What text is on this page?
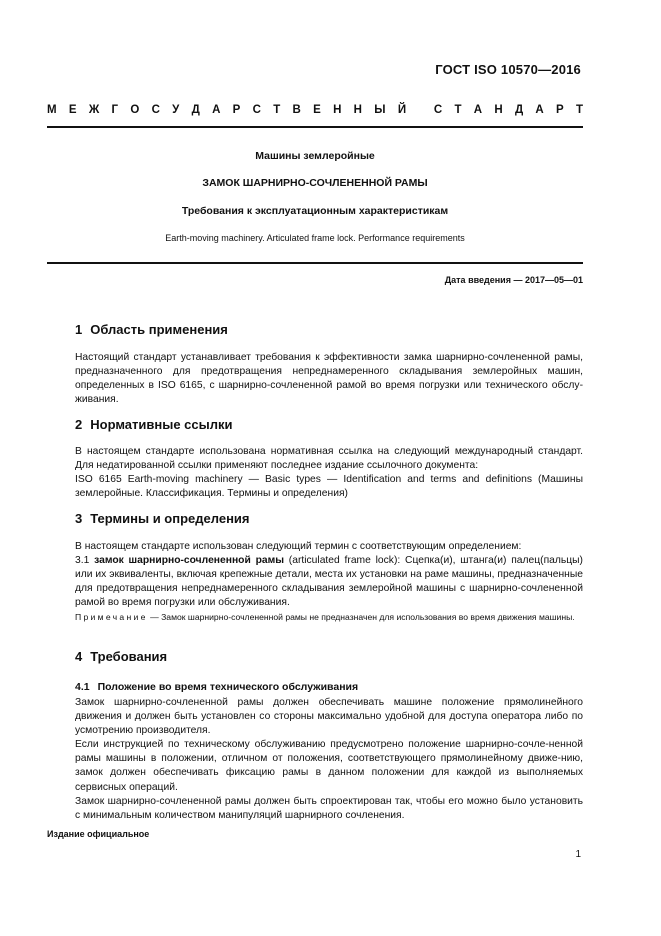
ГОСТ ISO 10570—2016
М Е Ж Г О С У Д А Р С Т В Е Н Н Ы Й
С Т А Н Д А Р Т
Машины землеройные
ЗАМОК ШАРНИРНО-СОЧЛЕНЕННОЙ РАМЫ
Требования к эксплуатационным характеристикам
Earth-moving machinery. Articulated frame lock. Performance requirements
Дата введения — 2017—05—01
1 Область применения
Настоящий стандарт устанавливает требования к эффективности замка шарнирно-сочлененной рамы, предназначенного для предотвращения непреднамеренного складывания землеройных машин, определенных в ISO 6165, с шарнирно-сочлененной рамой во время погрузки или технического обслу-живания.
2 Нормативные ссылки
В настоящем стандарте использована нормативная ссылка на следующий международный стандарт. Для недатированной ссылки применяют последнее издание ссылочного документа:
ISO 6165 Earth-moving machinery — Basic types — Identification and terms and definitions (Машины землеройные. Классификация. Термины и определения)
3 Термины и определения
В настоящем стандарте использован следующий термин с соответствующим определением:
3.1 замок шарнирно-сочлененной рамы (articulated frame lock): Сцепка(и), штанга(и) палец(пальцы) или их эквиваленты, включая крепежные детали, места их установки на раме машины, предназначенные для предотвращения непреднамеренного складывания землеройной машины с шарнирно-сочлененной рамой во время погрузки или обслуживания.
Примечание — Замок шарнирно-сочлененной рамы не предназначен для использования во время движения машины.
4 Требования
4.1 Положение во время технического обслуживания
Замок шарнирно-сочлененной рамы должен обеспечивать машине положение прямолинейного движения и должен быть установлен со стороны максимально удобной для доступа оператора либо по усмотрению производителя.
Если инструкцией по техническому обслуживанию предусмотрено положение шарнирно-сочле-ненной рамы машины в положении, отличном от положения, соответствующего прямолинейному движе-нию, замок должен обеспечивать фиксацию рамы в данном положении для каждой из выполняемых сервисных операций.
Замок шарнирно-сочлененной рамы должен быть спроектирован так, чтобы его можно было установить с минимальным количеством манипуляций шарнирного сочленения.
Издание официальное
1
